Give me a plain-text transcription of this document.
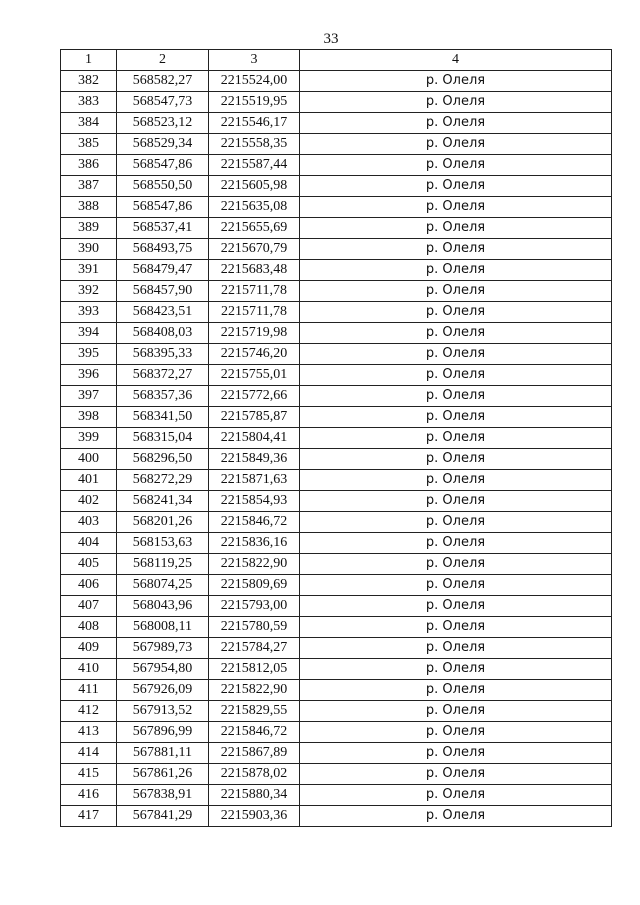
33
1	2	3	4
382	568582,27	2215524,00	р. Олеля
383	568547,73	2215519,95	р. Олеля
384	568523,12	2215546,17	р. Олеля
385	568529,34	2215558,35	р. Олеля
386	568547,86	2215587,44	р. Олеля
387	568550,50	2215605,98	р. Олеля
388	568547,86	2215635,08	р. Олеля
389	568537,41	2215655,69	р. Олеля
390	568493,75	2215670,79	р. Олеля
391	568479,47	2215683,48	р. Олеля
392	568457,90	2215711,78	р. Олеля
393	568423,51	2215711,78	р. Олеля
394	568408,03	2215719,98	р. Олеля
395	568395,33	2215746,20	р. Олеля
396	568372,27	2215755,01	р. Олеля
397	568357,36	2215772,66	р. Олеля
398	568341,50	2215785,87	р. Олеля
399	568315,04	2215804,41	р. Олеля
400	568296,50	2215849,36	р. Олеля
401	568272,29	2215871,63	р. Олеля
402	568241,34	2215854,93	р. Олеля
403	568201,26	2215846,72	р. Олеля
404	568153,63	2215836,16	р. Олеля
405	568119,25	2215822,90	р. Олеля
406	568074,25	2215809,69	р. Олеля
407	568043,96	2215793,00	р. Олеля
408	568008,11	2215780,59	р. Олеля
409	567989,73	2215784,27	р. Олеля
410	567954,80	2215812,05	р. Олеля
411	567926,09	2215822,90	р. Олеля
412	567913,52	2215829,55	р. Олеля
413	567896,99	2215846,72	р. Олеля
414	567881,11	2215867,89	р. Олеля
415	567861,26	2215878,02	р. Олеля
416	567838,91	2215880,34	р. Олеля
417	567841,29	2215903,36	р. Олеля
